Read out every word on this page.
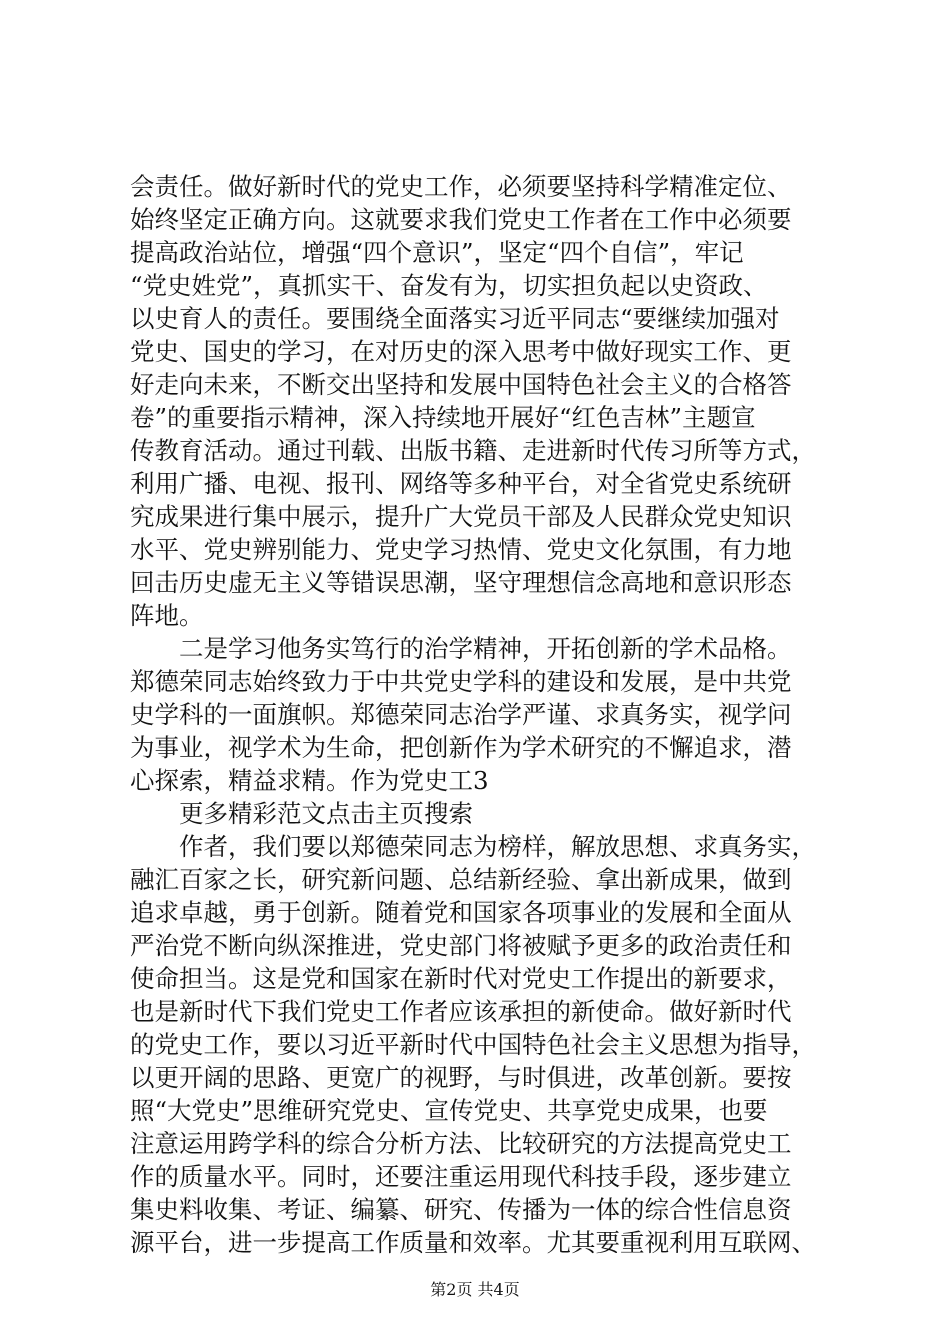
会责任。做好新时代的党史工作，必须要坚持科学精准定位、
始终坚定正确方向。这就要求我们党史工作者在工作中必须要
提高政治站位，增强“四个意识”，坚定“四个自信”，牢记
“党史姓党”，真抓实干、奋发有为，切实担负起以史资政、
以史育人的责任。要围绕全面落实习近平同志“要继续加强对
党史、国史的学习，在对历史的深入思考中做好现实工作、更
好走向未来，不断交出坚持和发展中国特色社会主义的合格答
卷”的重要指示精神，深入持续地开展好“红色吉林”主题宣
传教育活动。通过刊载、出版书籍、走进新时代传习所等方式，
利用广播、电视、报刊、网络等多种平台，对全省党史系统研
究成果进行集中展示，提升广大党员干部及人民群众党史知识
水平、党史辨别能力、党史学习热情、党史文化氛围，有力地
回击历史虚无主义等错误思潮，坚守理想信念高地和意识形态
阵地。
二是学习他务实笃行的治学精神，开拓创新的学术品格。
郑德荣同志始终致力于中共党史学科的建设和发展，是中共党
史学科的一面旗帜。郑德荣同志治学严谨、求真务实，视学问
为事业，视学术为生命，把创新作为学术研究的不懈追求，潜
心探索，精益求精。作为党史工3
更多精彩范文点击主页搜索
作者，我们要以郑德荣同志为榜样，解放思想、求真务实，
融汇百家之长，研究新问题、总结新经验、拿出新成果，做到
追求卓越，勇于创新。随着党和国家各项事业的发展和全面从
严治党不断向纵深推进，党史部门将被赋予更多的政治责任和
使命担当。这是党和国家在新时代对党史工作提出的新要求，
也是新时代下我们党史工作者应该承担的新使命。做好新时代
的党史工作，要以习近平新时代中国特色社会主义思想为指导，
以更开阔的思路、更宽广的视野，与时俱进，改革创新。要按
照“大党史”思维研究党史、宣传党史、共享党史成果，也要
注意运用跨学科的综合分析方法、比较研究的方法提高党史工
作的质量水平。同时，还要注重运用现代科技手段，逐步建立
集史料收集、考证、编纂、研究、传播为一体的综合性信息资
源平台，进一步提高工作质量和效率。尤其要重视利用互联网、
第2页 共4页
